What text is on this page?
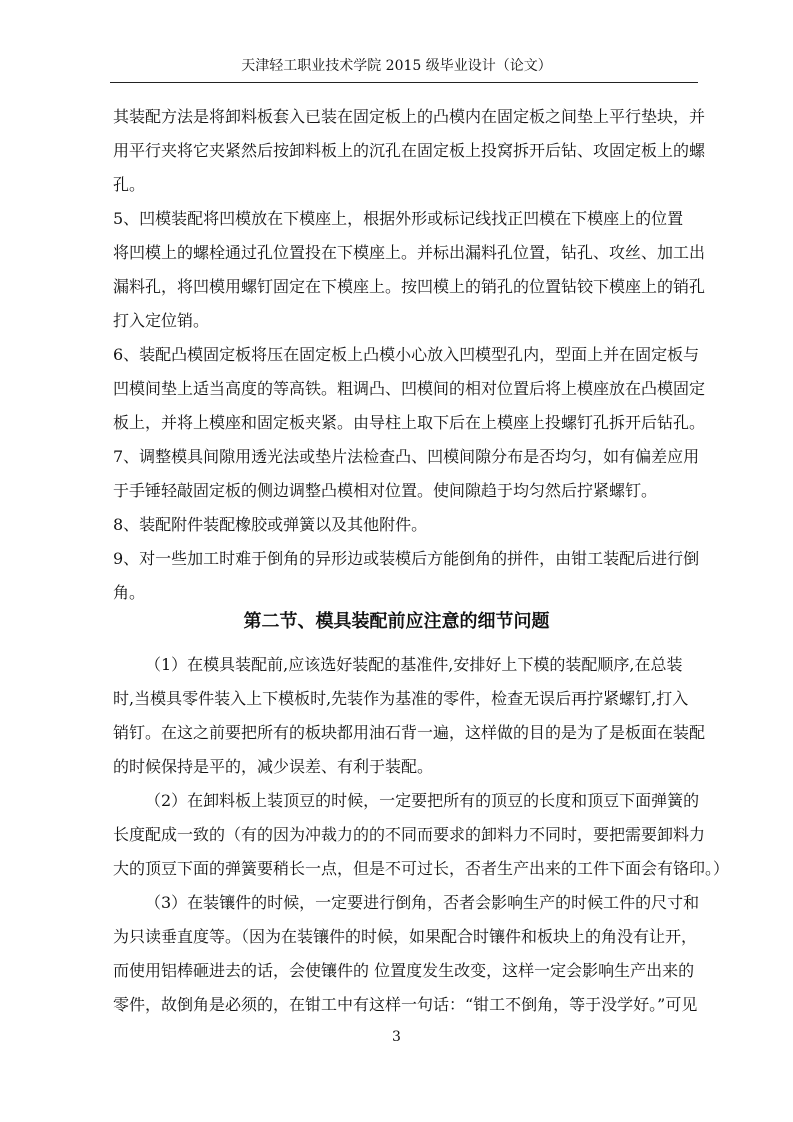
天津轻工职业技术学院 2015 级毕业设计（论文）
其装配方法是将卸料板套入已装在固定板上的凸模内在固定板之间垫上平行垫块，并
用平行夹将它夹紧然后按卸料板上的沉孔在固定板上投窝拆开后钻、攻固定板上的螺
孔。
5、凹模装配将凹模放在下模座上，根据外形或标记线找正凹模在下模座上的位置
将凹模上的螺栓通过孔位置投在下模座上。并标出漏料孔位置，钻孔、攻丝、加工出
漏料孔，将凹模用螺钉固定在下模座上。按凹模上的销孔的位置钻铰下模座上的销孔
打入定位销。
6、装配凸模固定板将压在固定板上凸模小心放入凹模型孔内，型面上并在固定板与
凹模间垫上适当高度的等高铁。粗调凸、凹模间的相对位置后将上模座放在凸模固定
板上，并将上模座和固定板夹紧。由导柱上取下后在上模座上投螺钉孔拆开后钻孔。
7、调整模具间隙用透光法或垫片法检查凸、凹模间隙分布是否均匀，如有偏差应用
于手锤轻敲固定板的侧边调整凸模相对位置。使间隙趋于均匀然后拧紧螺钉。
8、装配附件装配橡胶或弹簧以及其他附件。
9、对一些加工时难于倒角的异形边或装模后方能倒角的拼件，由钳工装配后进行倒
角。
第二节、模具装配前应注意的细节问题
（1）在模具装配前,应该选好装配的基准件,安排好上下模的装配顺序,在总装
时,当模具零件装入上下模板时,先装作为基准的零件，检查无误后再拧紧螺钉,打入
销钉。在这之前要把所有的板块都用油石背一遍，这样做的目的是为了是板面在装配
的时候保持是平的，减少误差、有利于装配。
（2）在卸料板上装顶豆的时候，一定要把所有的顶豆的长度和顶豆下面弹簧的
长度配成一致的（有的因为冲裁力的的不同而要求的卸料力不同时，要把需要卸料力
大的顶豆下面的弹簧要稍长一点，但是不可过长，否者生产出来的工件下面会有铬印。）
（3）在装镶件的时候，一定要进行倒角，否者会影响生产的时候工件的尺寸和
为只读垂直度等。（因为在装镶件的时候，如果配合时镶件和板块上的角没有让开，
而使用铝棒砸进去的话，会使镶件的 位置度发生改变，这样一定会影响生产出来的
零件，故倒角是必须的，在钳工中有这样一句话：“钳工不倒角，等于没学好。”可见
3
